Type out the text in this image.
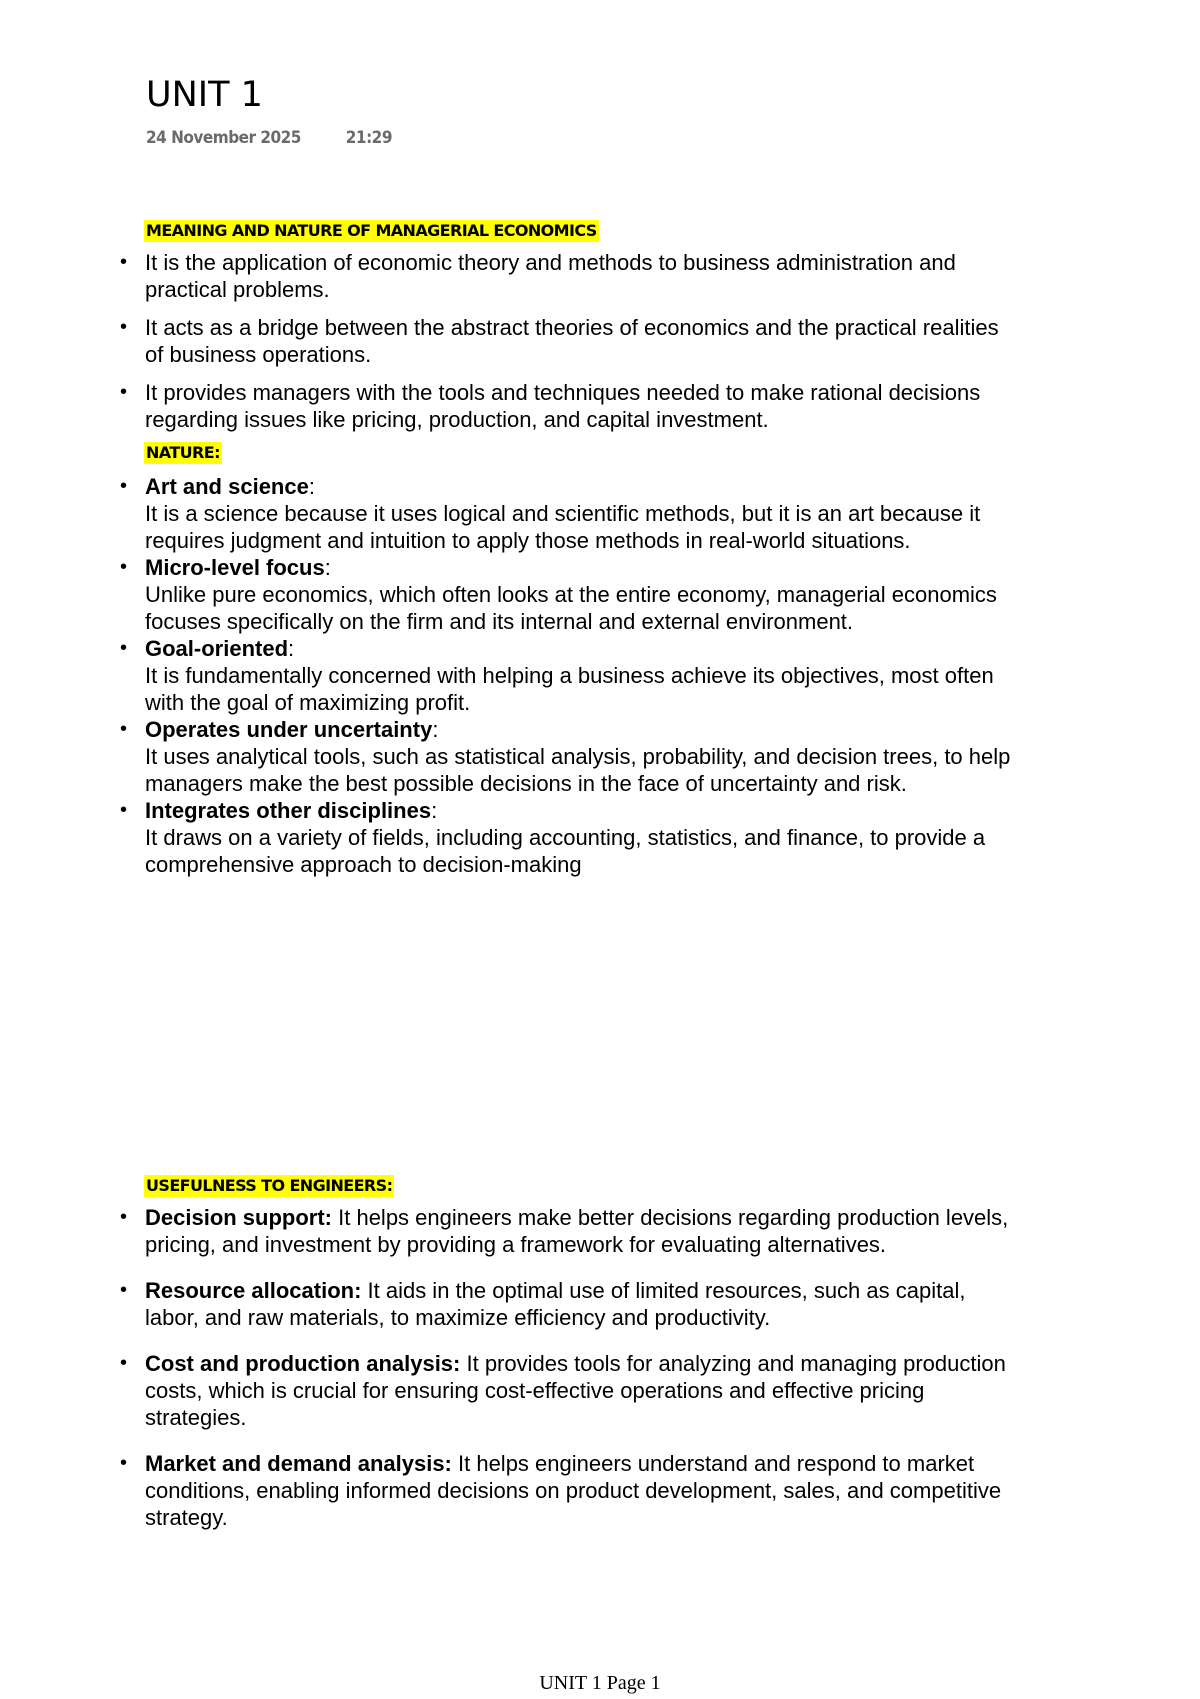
UNIT 1
24 November 2025	21:29
MEANING AND NATURE OF MANAGERIAL ECONOMICS
• It is the application of economic theory and methods to business administration and practical problems.
• It acts as a bridge between the abstract theories of economics and the practical realities of business operations.
• It provides managers with the tools and techniques needed to make rational decisions regarding issues like pricing, production, and capital investment.
NATURE:
• Art and science:
It is a science because it uses logical and scientific methods, but it is an art because it requires judgment and intuition to apply those methods in real-world situations.
• Micro-level focus:
Unlike pure economics, which often looks at the entire economy, managerial economics focuses specifically on the firm and its internal and external environment.
• Goal-oriented:
It is fundamentally concerned with helping a business achieve its objectives, most often with the goal of maximizing profit.
• Operates under uncertainty:
It uses analytical tools, such as statistical analysis, probability, and decision trees, to help managers make the best possible decisions in the face of uncertainty and risk.
• Integrates other disciplines:
It draws on a variety of fields, including accounting, statistics, and finance, to provide a comprehensive approach to decision-making
USEFULNESS TO ENGINEERS:
• Decision support: It helps engineers make better decisions regarding production levels, pricing, and investment by providing a framework for evaluating alternatives.
• Resource allocation: It aids in the optimal use of limited resources, such as capital, labor, and raw materials, to maximize efficiency and productivity.
• Cost and production analysis: It provides tools for analyzing and managing production costs, which is crucial for ensuring cost-effective operations and effective pricing strategies.
• Market and demand analysis: It helps engineers understand and respond to market conditions, enabling informed decisions on product development, sales, and competitive strategy.
UNIT 1 Page 1
